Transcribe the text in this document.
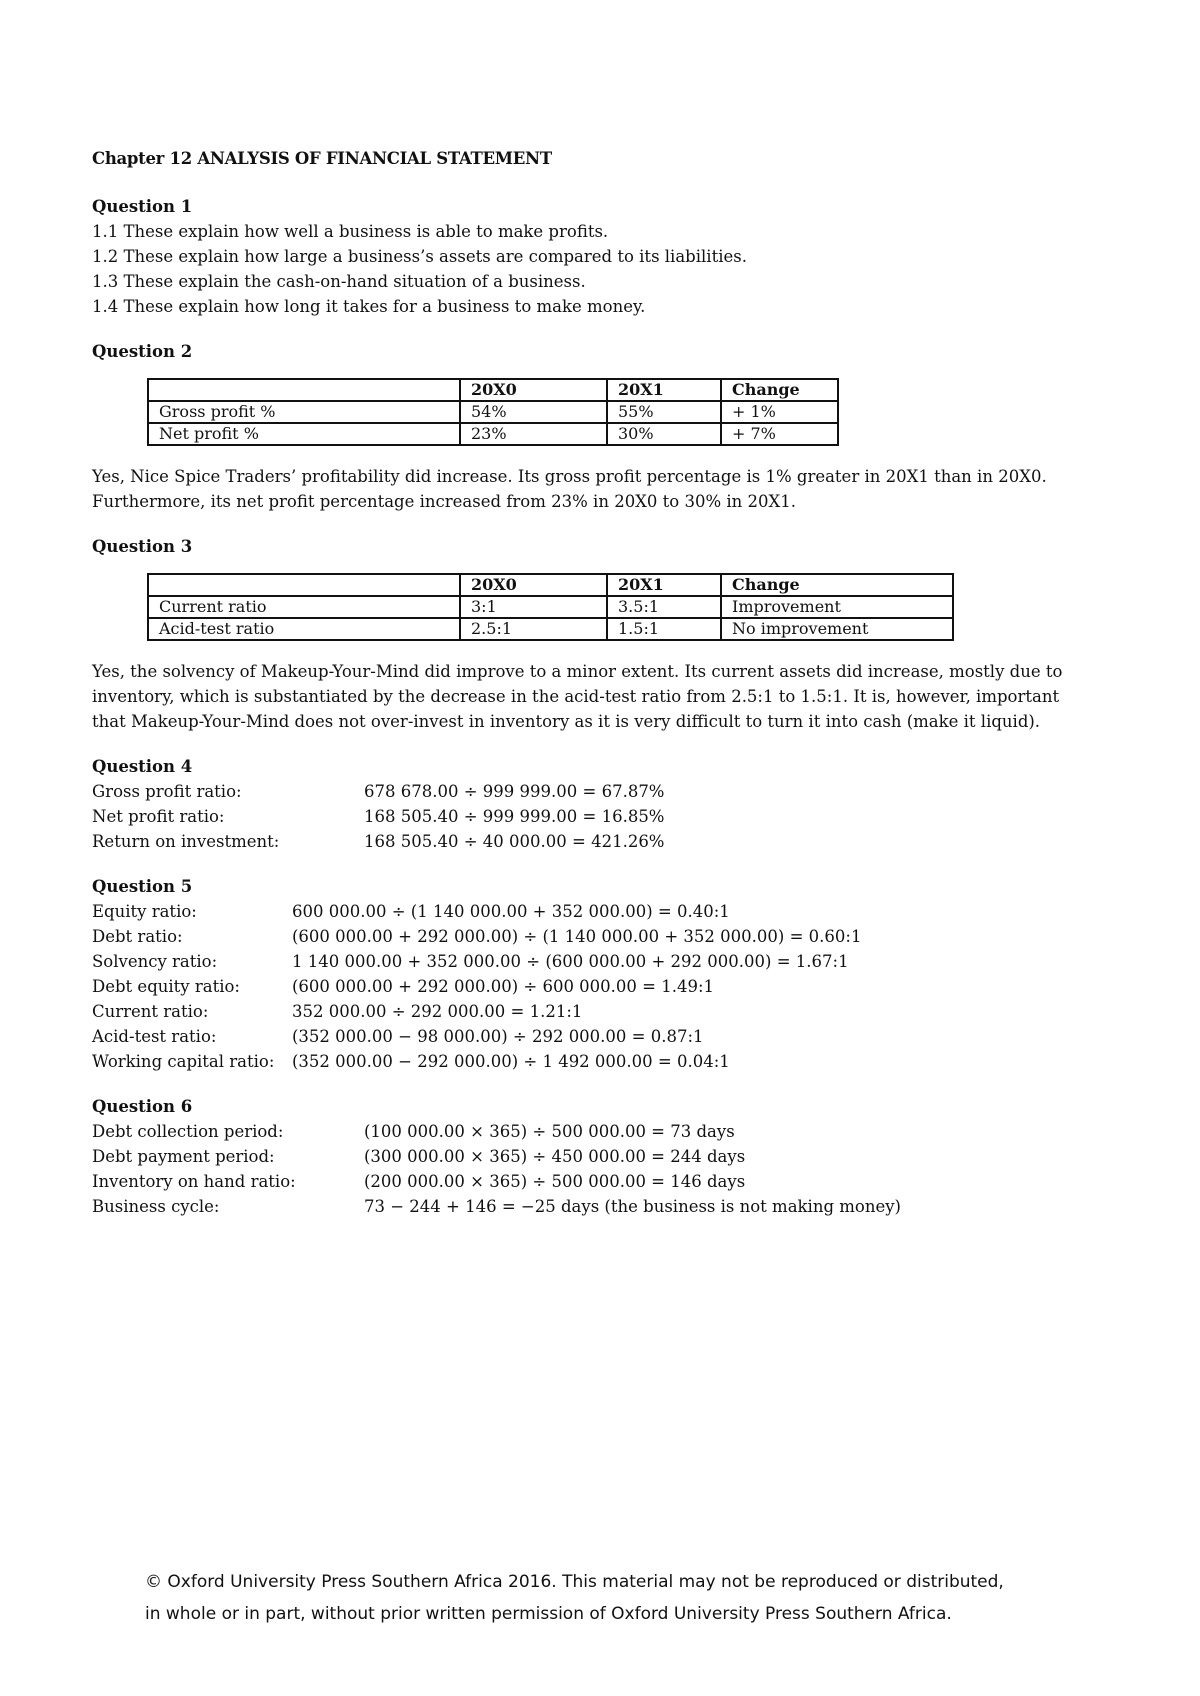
Chapter 12 ANALYSIS OF FINANCIAL STATEMENT
Question 1
1.1 These explain how well a business is able to make profits.
1.2 These explain how large a business’s assets are compared to its liabilities.
1.3 These explain the cash-on-hand situation of a business.
1.4 These explain how long it takes for a business to make money.
Question 2
	20X0	20X1	Change
Gross profit %	54%	55%	+ 1%
Net profit %	23%	30%	+ 7%
Yes, Nice Spice Traders’ profitability did increase. Its gross profit percentage is 1% greater in 20X1 than in 20X0. Furthermore, its net profit percentage increased from 23% in 20X0 to 30% in 20X1.
Question 3
	20X0	20X1	Change
Current ratio	3:1	3.5:1	Improvement
Acid-test ratio	2.5:1	1.5:1	No improvement
Yes, the solvency of Makeup-Your-Mind did improve to a minor extent. Its current assets did increase, mostly due to inventory, which is substantiated by the decrease in the acid-test ratio from 2.5:1 to 1.5:1. It is, however, important that Makeup-Your-Mind does not over-invest in inventory as it is very difficult to turn it into cash (make it liquid).
Question 4
Gross profit ratio:	678 678.00 ÷ 999 999.00 = 67.87%
Net profit ratio:	168 505.40 ÷ 999 999.00 = 16.85%
Return on investment:	168 505.40 ÷ 40 000.00 = 421.26%
Question 5
Equity ratio:	600 000.00 ÷ (1 140 000.00 + 352 000.00) = 0.40:1
Debt ratio:	(600 000.00 + 292 000.00) ÷ (1 140 000.00 + 352 000.00) = 0.60:1
Solvency ratio:	1 140 000.00 + 352 000.00 ÷ (600 000.00 + 292 000.00) = 1.67:1
Debt equity ratio:	(600 000.00 + 292 000.00) ÷ 600 000.00 = 1.49:1
Current ratio:	352 000.00 ÷ 292 000.00 = 1.21:1
Acid-test ratio:	(352 000.00 − 98 000.00) ÷ 292 000.00 = 0.87:1
Working capital ratio:	(352 000.00 − 292 000.00) ÷ 1 492 000.00 = 0.04:1
Question 6
Debt collection period:	(100 000.00 × 365) ÷ 500 000.00 = 73 days
Debt payment period:	(300 000.00 × 365) ÷ 450 000.00 = 244 days
Inventory on hand ratio:	(200 000.00 × 365) ÷ 500 000.00 = 146 days
Business cycle:	73 − 244 + 146 = −25 days (the business is not making money)
© Oxford University Press Southern Africa 2016. This material may not be reproduced or distributed,
in whole or in part, without prior written permission of Oxford University Press Southern Africa.
